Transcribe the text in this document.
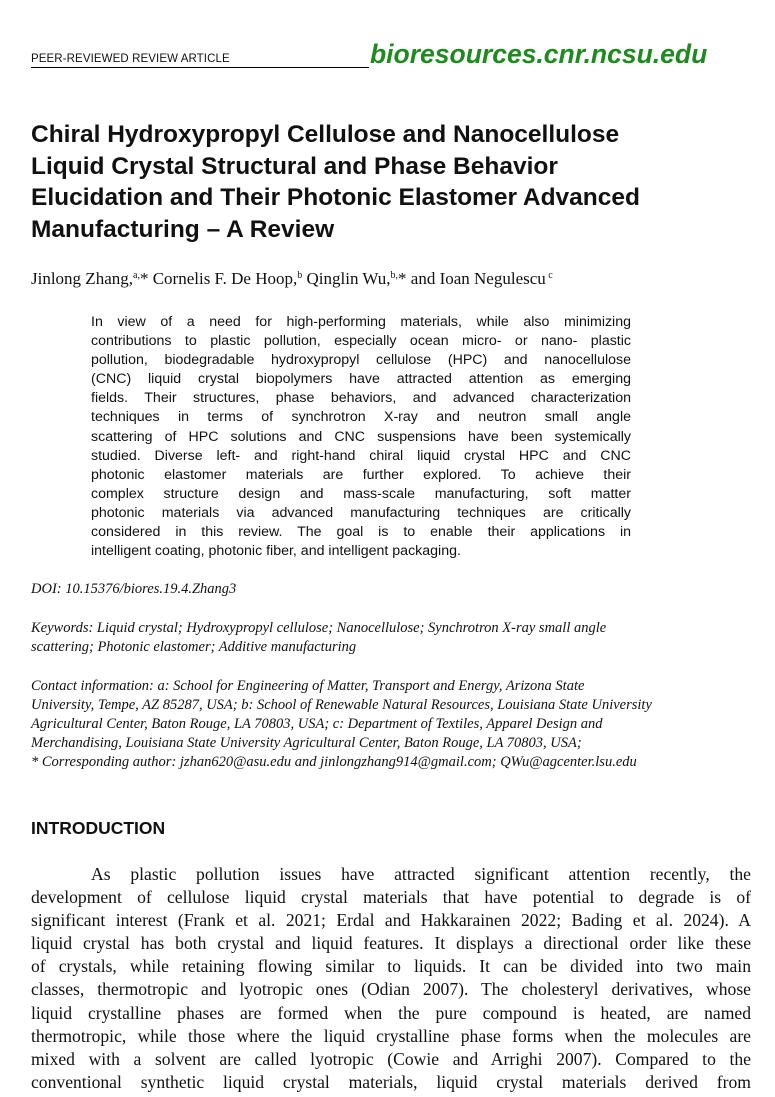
PEER-REVIEWED REVIEW ARTICLE	bioresources.cnr.ncsu.edu
Chiral Hydroxypropyl Cellulose and Nanocellulose
Liquid Crystal Structural and Phase Behavior
Elucidation and Their Photonic Elastomer Advanced
Manufacturing – A Review
Jinlong Zhang,$^{a,}$* Cornelis F. De Hoop,$^b$ Qinglin Wu,$^{b,}$* and Ioan Negulescu $^c$
In view of a need for high-performing materials, while also minimizing
contributions to plastic pollution, especially ocean micro- or nano- plastic
pollution, biodegradable hydroxypropyl cellulose (HPC) and nanocellulose
(CNC) liquid crystal biopolymers have attracted attention as emerging
fields. Their structures, phase behaviors, and advanced characterization
techniques in terms of synchrotron X-ray and neutron small angle
scattering of HPC solutions and CNC suspensions have been systemically
studied. Diverse left- and right-hand chiral liquid crystal HPC and CNC
photonic elastomer materials are further explored. To achieve their
complex structure design and mass-scale manufacturing, soft matter
photonic materials via advanced manufacturing techniques are critically
considered in this review. The goal is to enable their applications in
intelligent coating, photonic fiber, and intelligent packaging.
DOI: 10.15376/biores.19.4.Zhang3
Keywords: Liquid crystal; Hydroxypropyl cellulose; Nanocellulose; Synchrotron X-ray small angle
scattering; Photonic elastomer; Additive manufacturing
Contact information: a: School for Engineering of Matter, Transport and Energy, Arizona State
University, Tempe, AZ 85287, USA; b: School of Renewable Natural Resources, Louisiana State University
Agricultural Center, Baton Rouge, LA 70803, USA; c: Department of Textiles, Apparel Design and
Merchandising, Louisiana State University Agricultural Center, Baton Rouge, LA 70803, USA;
* Corresponding author: jzhan620@asu.edu and jinlongzhang914@gmail.com; QWu@agcenter.lsu.edu
INTRODUCTION
As plastic pollution issues have attracted significant attention recently, the
development of cellulose liquid crystal materials that have potential to degrade is of
significant interest (Frank et al. 2021; Erdal and Hakkarainen 2022; Bading et al. 2024). A
liquid crystal has both crystal and liquid features. It displays a directional order like these
of crystals, while retaining flowing similar to liquids. It can be divided into two main
classes, thermotropic and lyotropic ones (Odian 2007). The cholesteryl derivatives, whose
liquid crystalline phases are formed when the pure compound is heated, are named
thermotropic, while those where the liquid crystalline phase forms when the molecules are
mixed with a solvent are called lyotropic (Cowie and Arrighi 2007). Compared to the
conventional synthetic liquid crystal materials, liquid crystal materials derived from
